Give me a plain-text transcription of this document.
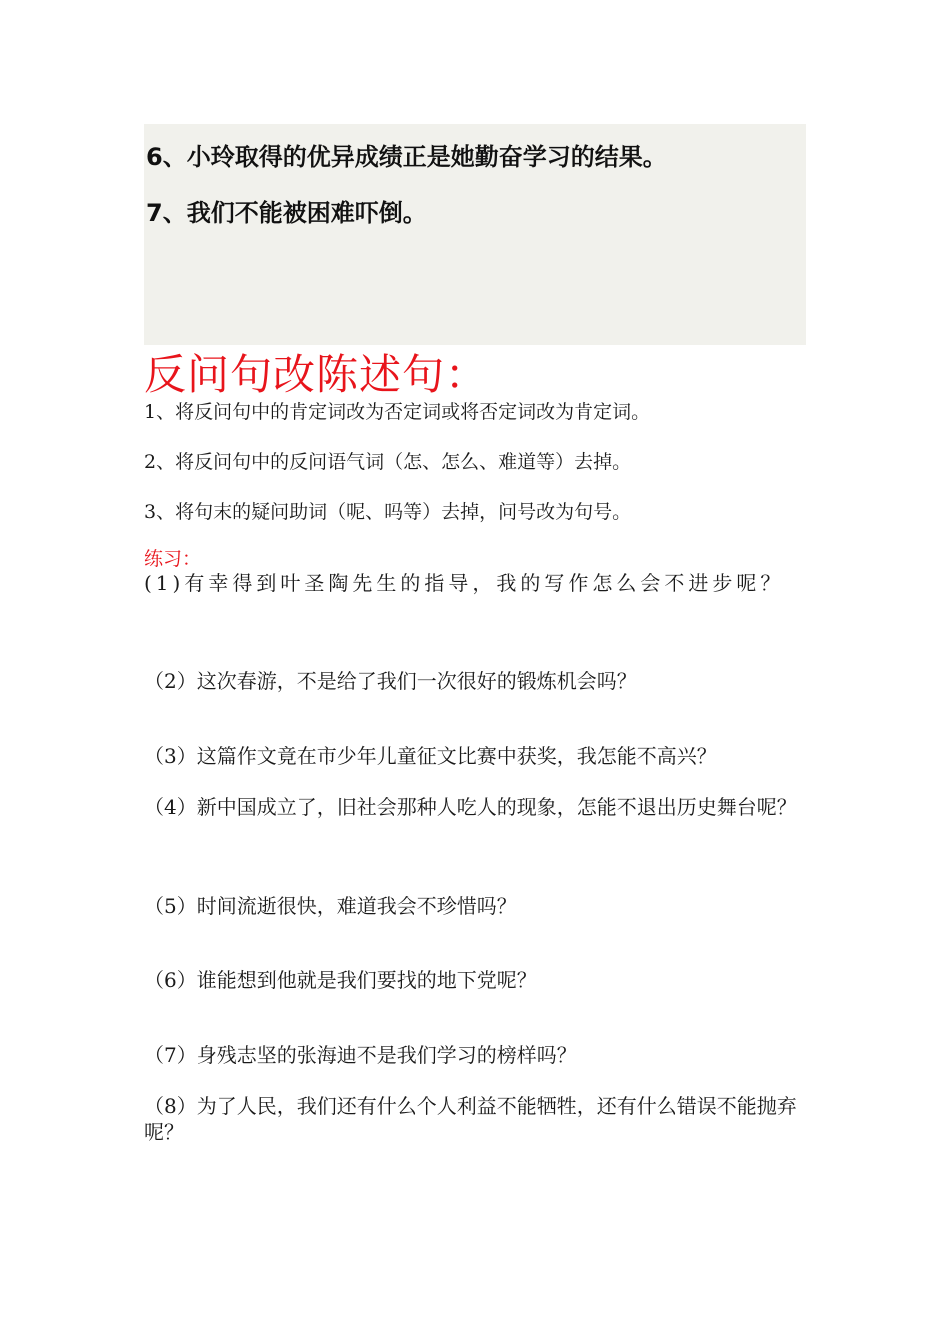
6、小玲取得的优异成绩正是她勤奋学习的结果。
7、我们不能被困难吓倒。
反问句改陈述句：
1、将反问句中的肯定词改为否定词或将否定词改为肯定词。
2、将反问句中的反问语气词（怎、怎么、难道等）去掉。
3、将句末的疑问助词（呢、吗等）去掉，问号改为句号。
练习：
(1)有幸得到叶圣陶先生的指导，我的写作怎么会不进步呢？
（2）这次春游，不是给了我们一次很好的锻炼机会吗？
（3）这篇作文竟在市少年儿童征文比赛中获奖，我怎能不高兴？
（4）新中国成立了，旧社会那种人吃人的现象，怎能不退出历史舞台呢？
（5）时间流逝很快，难道我会不珍惜吗？
（6）谁能想到他就是我们要找的地下党呢？
（7）身残志坚的张海迪不是我们学习的榜样吗？
（8）为了人民，我们还有什么个人利益不能牺牲，还有什么错误不能抛弃呢？
